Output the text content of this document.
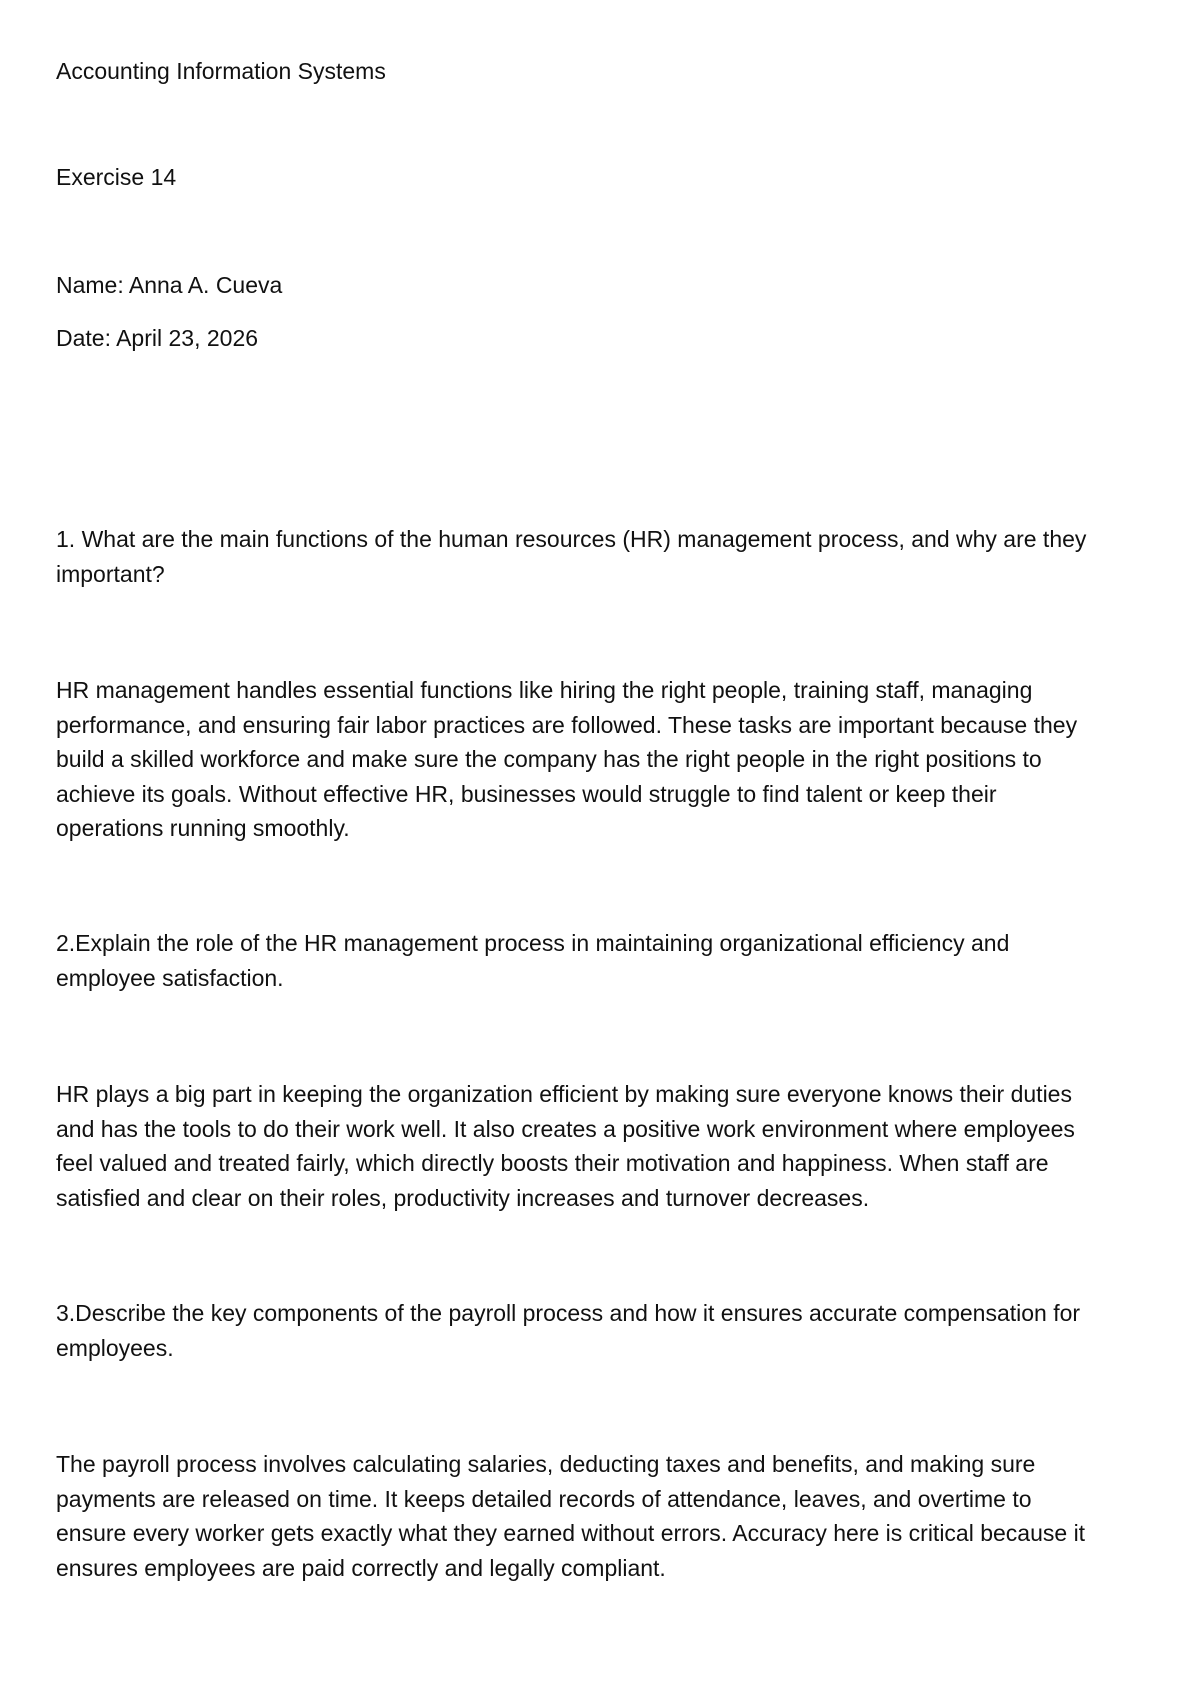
Accounting Information Systems

Exercise 14

Name: Anna A. Cueva

Date: April 23, 2026

1. What are the main functions of the human resources (HR) management process, and why are they
important?
HR management handles essential functions like hiring the right people, training staff, managing
performance, and ensuring fair labor practices are followed. These tasks are important because they
build a skilled workforce and make sure the company has the right people in the right positions to
achieve its goals. Without effective HR, businesses would struggle to find talent or keep their
operations running smoothly.
2.Explain the role of the HR management process in maintaining organizational efficiency and
employee satisfaction.
HR plays a big part in keeping the organization efficient by making sure everyone knows their duties
and has the tools to do their work well. It also creates a positive work environment where employees
feel valued and treated fairly, which directly boosts their motivation and happiness. When staff are
satisfied and clear on their roles, productivity increases and turnover decreases.
3.Describe the key components of the payroll process and how it ensures accurate compensation for
employees.
The payroll process involves calculating salaries, deducting taxes and benefits, and making sure
payments are released on time. It keeps detailed records of attendance, leaves, and overtime to
ensure every worker gets exactly what they earned without errors. Accuracy here is critical because it
ensures employees are paid correctly and legally compliant.
